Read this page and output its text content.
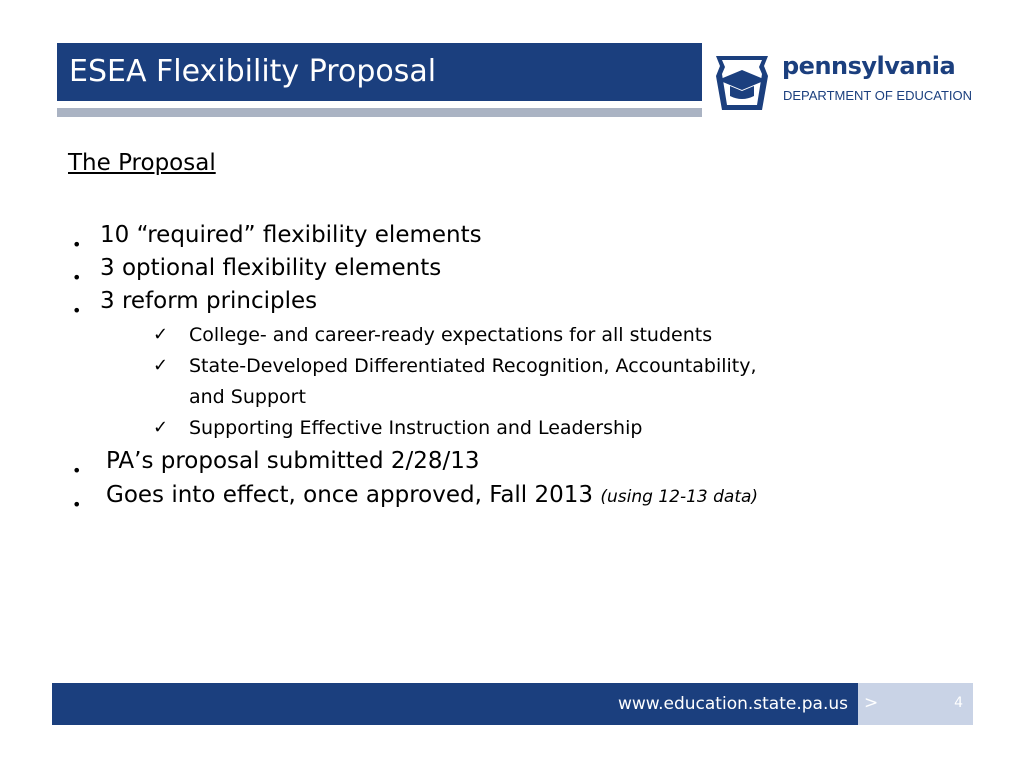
ESEA Flexibility Proposal	pennsylvania
DEPARTMENT OF EDUCATION
The Proposal
• 10 “required” flexibility elements
• 3 optional flexibility elements
• 3 reform principles
✓ College- and career-ready expectations for all students
✓ State-Developed Differentiated Recognition, Accountability,
and Support
✓ Supporting Effective Instruction and Leadership
• PA’s proposal submitted 2/28/13
• Goes into effect, once approved, Fall 2013 (using 12-13 data)
www.education.state.pa.us >	4
